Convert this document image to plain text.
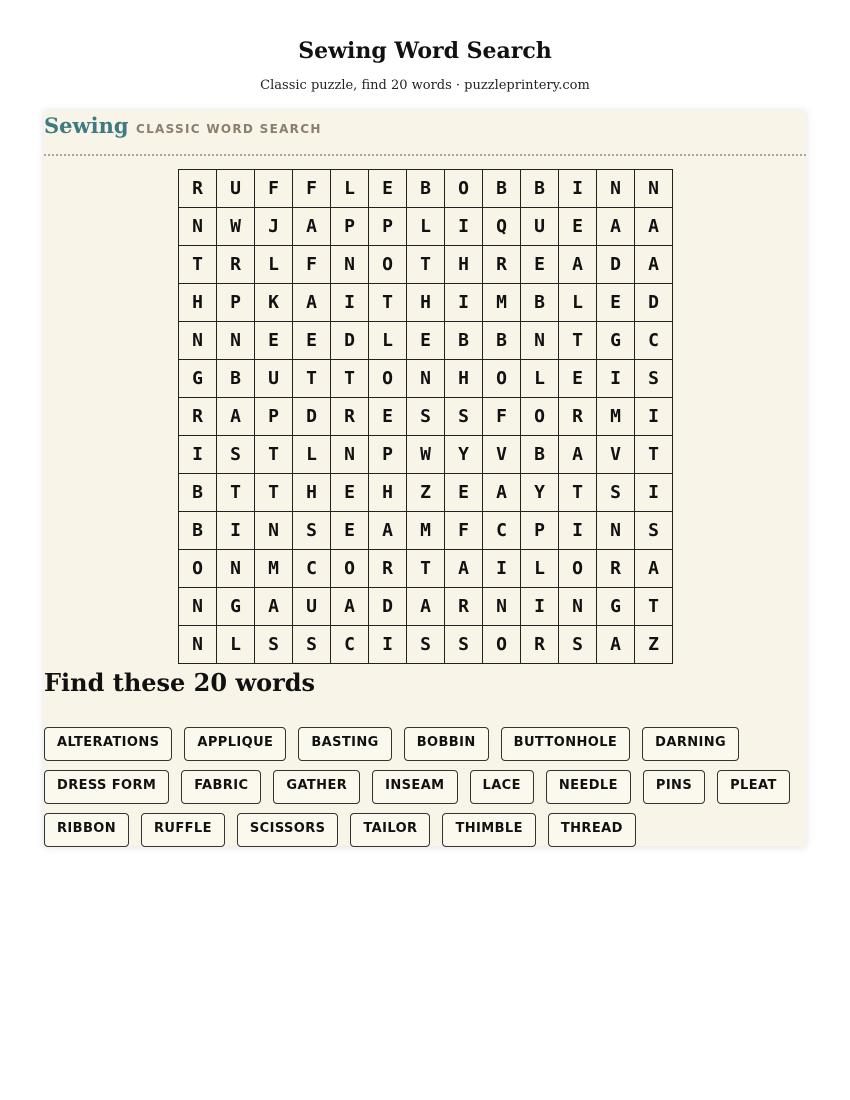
Sewing Word Search
Classic puzzle, find 20 words · puzzleprintery.com
Sewing CLASSIC WORD SEARCH
R	U	F	F	L	E	B	O	B	B	I	N	N
N	W	J	A	P	P	L	I	Q	U	E	A	A
T	R	L	F	N	O	T	H	R	E	A	D	A
H	P	K	A	I	T	H	I	M	B	L	E	D
N	N	E	E	D	L	E	B	B	N	T	G	C
G	B	U	T	T	O	N	H	O	L	E	I	S
R	A	P	D	R	E	S	S	F	O	R	M	I
I	S	T	L	N	P	W	Y	V	B	A	V	T
B	T	T	H	E	H	Z	E	A	Y	T	S	I
B	I	N	S	E	A	M	F	C	P	I	N	S
O	N	M	C	O	R	T	A	I	L	O	R	A
N	G	A	U	A	D	A	R	N	I	N	G	T
N	L	S	S	C	I	S	S	O	R	S	A	Z
Find these 20 words
ALTERATIONS	APPLIQUE	BASTING	BOBBIN	BUTTONHOLE	DARNING
DRESS FORM	FABRIC	GATHER	INSEAM	LACE	NEEDLE	PINS	PLEAT
RIBBON	RUFFLE	SCISSORS	TAILOR	THIMBLE	THREAD
